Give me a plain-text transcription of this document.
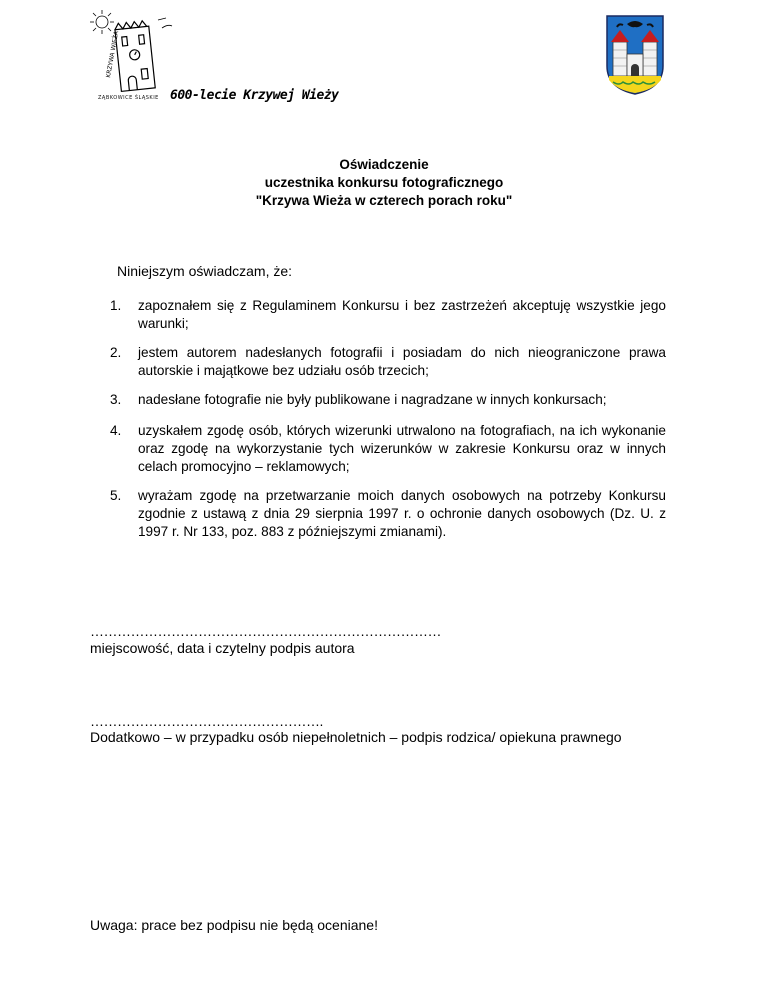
KRZYWA WIEŻA
ZĄBKOWICE ŚLĄSKIE 600-lecie Krzywej Wieży
Oświadczenie
uczestnika konkursu fotograficznego
"Krzywa Wieża w czterech porach roku"
Niniejszym oświadczam, że:
1.	zapoznałem się z Regulaminem Konkursu i bez zastrzeżeń akceptuję wszystkie jego warunki;
2.	jestem autorem nadesłanych fotografii i posiadam do nich nieograniczone prawa autorskie i majątkowe bez udziału osób trzecich;
3.	nadesłane fotografie nie były publikowane i nagradzane w innych konkursach;
4.	uzyskałem zgodę osób, których wizerunki utrwalono na fotografiach, na ich wykonanie oraz zgodę na wykorzystanie tych wizerunków w zakresie Konkursu oraz w innych celach promocyjno – reklamowych;
5.	wyrażam zgodę na przetwarzanie moich danych osobowych na potrzeby Konkursu zgodnie z ustawą z dnia 29 sierpnia 1997 r. o ochronie danych osobowych (Dz. U. z 1997 r. Nr 133, poz. 883 z późniejszymi zmianami).
……………………………………………………………………
miejscowość, data i czytelny podpis autora
…………………………………………….
Dodatkowo – w przypadku osób niepełnoletnich – podpis rodzica/ opiekuna prawnego
Uwaga: prace bez podpisu nie będą oceniane!
